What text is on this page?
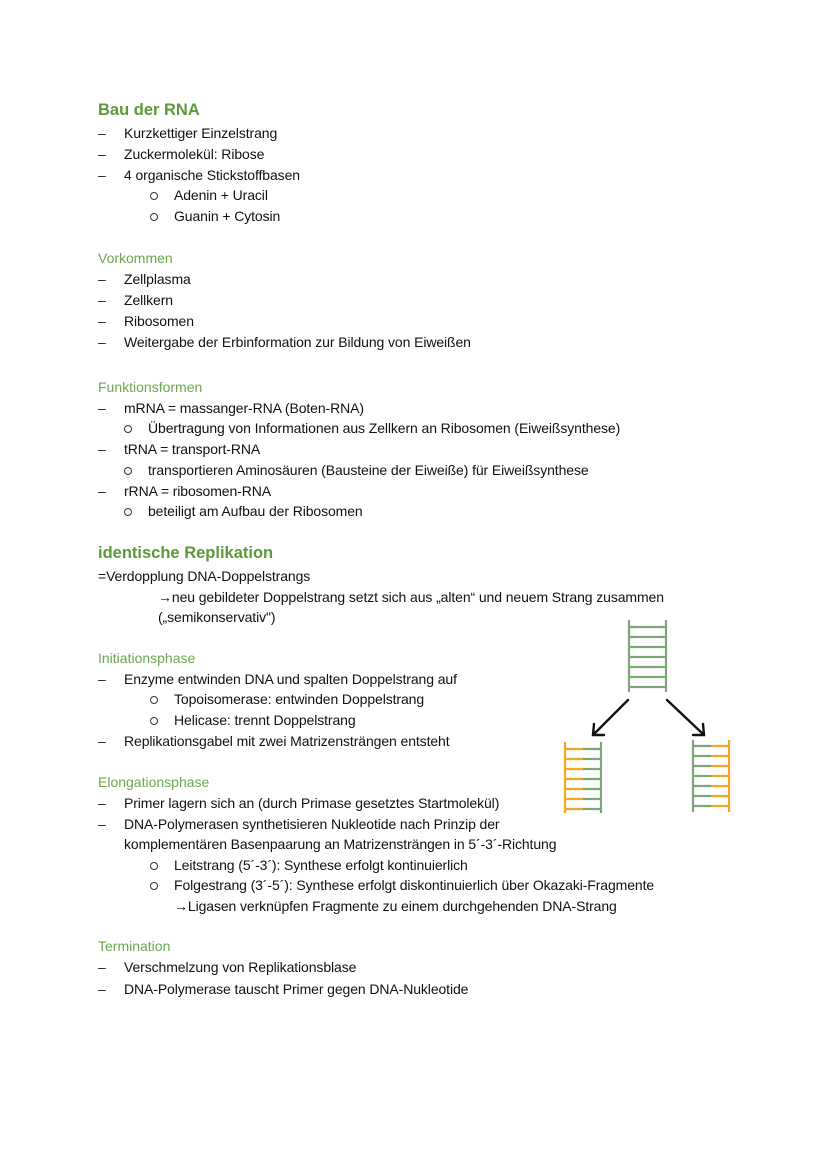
Bau der RNA
– Kurzkettiger Einzelstrang
– Zuckermolekül: Ribose
– 4 organische Stickstoffbasen
Adenin + Uracil
Guanin + Cytosin
Vorkommen
– Zellplasma
– Zellkern
– Ribosomen
– Weitergabe der Erbinformation zur Bildung von Eiweißen
Funktionsformen
– mRNA = massanger-RNA (Boten-RNA)
Übertragung von Informationen aus Zellkern an Ribosomen (Eiweißsynthese)
– tRNA = transport-RNA
transportieren Aminosäuren (Bausteine der Eiweiße) für Eiweißsynthese
– rRNA = ribosomen-RNA
beteiligt am Aufbau der Ribosomen
identische Replikation
=Verdopplung DNA-Doppelstrangs
→neu gebildeter Doppelstrang setzt sich aus „alten“ und neuem Strang zusammen
(„semikonservativ")
Initiationsphase
– Enzyme entwinden DNA und spalten Doppelstrang auf
Topoisomerase: entwinden Doppelstrang
Helicase: trennt Doppelstrang
– Replikationsgabel mit zwei Matrizensträngen entsteht
Elongationsphase
– Primer lagern sich an (durch Primase gesetztes Startmolekül)
– DNA-Polymerasen synthetisieren Nukleotide nach Prinzip der
komplementären Basenpaarung an Matrizensträngen in 5´-3´-Richtung
Leitstrang (5´-3´): Synthese erfolgt kontinuierlich
Folgestrang (3´-5´): Synthese erfolgt diskontinuierlich über Okazaki-Fragmente
→Ligasen verknüpfen Fragmente zu einem durchgehenden DNA-Strang
Termination
– Verschmelzung von Replikationsblase
– DNA-Polymerase tauscht Primer gegen DNA-Nukleotide
